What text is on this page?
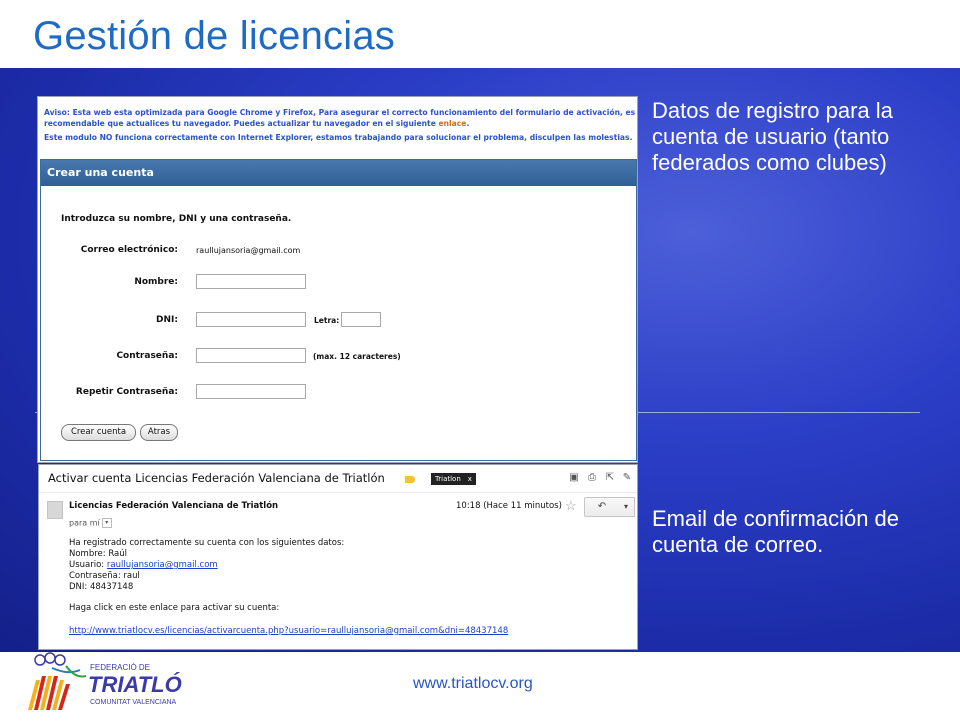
Gestión de licencias
Datos de registro para la cuenta de usuario (tanto federados como clubes)
Email de confirmación de cuenta de correo.
Aviso: Esta web esta optimizada para Google Chrome y Firefox, Para asegurar el correcto funcionamiento del formulario de activación, es
recomendable que actualices tu navegador. Puedes actualizar tu navegador en el siguiente enlace.
Este modulo NO funciona correctamente con Internet Explorer, estamos trabajando para solucionar el problema, disculpen las molestias.
Crear una cuenta
Introduzca su nombre, DNI y una contraseña.
Correo electrónico: raullujansoria@gmail.com
Nombre:
DNI:	Letra:
Contraseña:	(max. 12 caracteres)
Repetir Contraseña:
Crear cuenta	Atras
Activar cuenta Licencias Federación Valenciana de Triatlón	Triatlon x	▣ ⎙ ⇱ ✎
Licencias Federación Valenciana de Triatlón	10:18 (Hace 11 minutos) ☆	↶	▾
para mí ▾
Ha registrado correctamente su cuenta con los siguientes datos:
Nombre: Raúl
Usuario: raullujansoria@gmail.com
Contraseña: raul
DNI: 48437148
Haga click en este enlace para activar su cuenta:
http://www.triatlocv.es/licencias/activarcuenta.php?usuario=raullujansoria@gmail.com&dni=48437148
FEDERACIÓ DE
TRIATLÓ
COMUNITAT VALENCIANA
www.triatlocv.org
